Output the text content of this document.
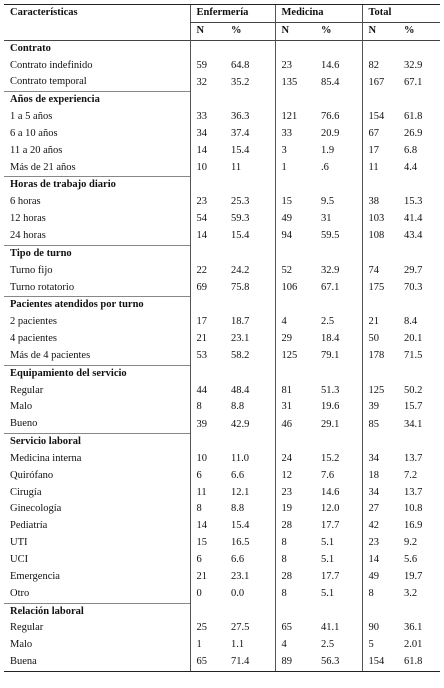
Características	Enfermería		Medicina		Total	
	N	%	N	%	N	%
Contrato						
Contrato indefinido	59	64.8	23	14.6	82	32.9
Contrato temporal	32	35.2	135	85.4	167	67.1
Años de experiencia						
1 a 5 años	33	36.3	121	76.6	154	61.8
6 a 10 años	34	37.4	33	20.9	67	26.9
11 a 20 años	14	15.4	3	1.9	17	6.8
Más de 21 años	10	11	1	.6	11	4.4
Horas de trabajo diario						
6 horas	23	25.3	15	9.5	38	15.3
12 horas	54	59.3	49	31	103	41.4
24 horas	14	15.4	94	59.5	108	43.4
Tipo de turno						
Turno fijo	22	24.2	52	32.9	74	29.7
Turno rotatorio	69	75.8	106	67.1	175	70.3
Pacientes atendidos por turno						
2 pacientes	17	18.7	4	2.5	21	8.4
4 pacientes	21	23.1	29	18.4	50	20.1
Más de 4 pacientes	53	58.2	125	79.1	178	71.5
Equipamiento del servicio						
Regular	44	48.4	81	51.3	125	50.2
Malo	8	8.8	31	19.6	39	15.7
Bueno	39	42.9	46	29.1	85	34.1
Servicio laboral						
Medicina interna	10	11.0	24	15.2	34	13.7
Quirófano	6	6.6	12	7.6	18	7.2
Cirugía	11	12.1	23	14.6	34	13.7
Ginecología	8	8.8	19	12.0	27	10.8
Pediatría	14	15.4	28	17.7	42	16.9
UTI	15	16.5	8	5.1	23	9.2
UCI	6	6.6	8	5.1	14	5.6
Emergencia	21	23.1	28	17.7	49	19.7
Otro	0	0.0	8	5.1	8	3.2
Relación laboral						
Regular	25	27.5	65	41.1	90	36.1
Malo	1	1.1	4	2.5	5	2.01
Buena	65	71.4	89	56.3	154	61.8
